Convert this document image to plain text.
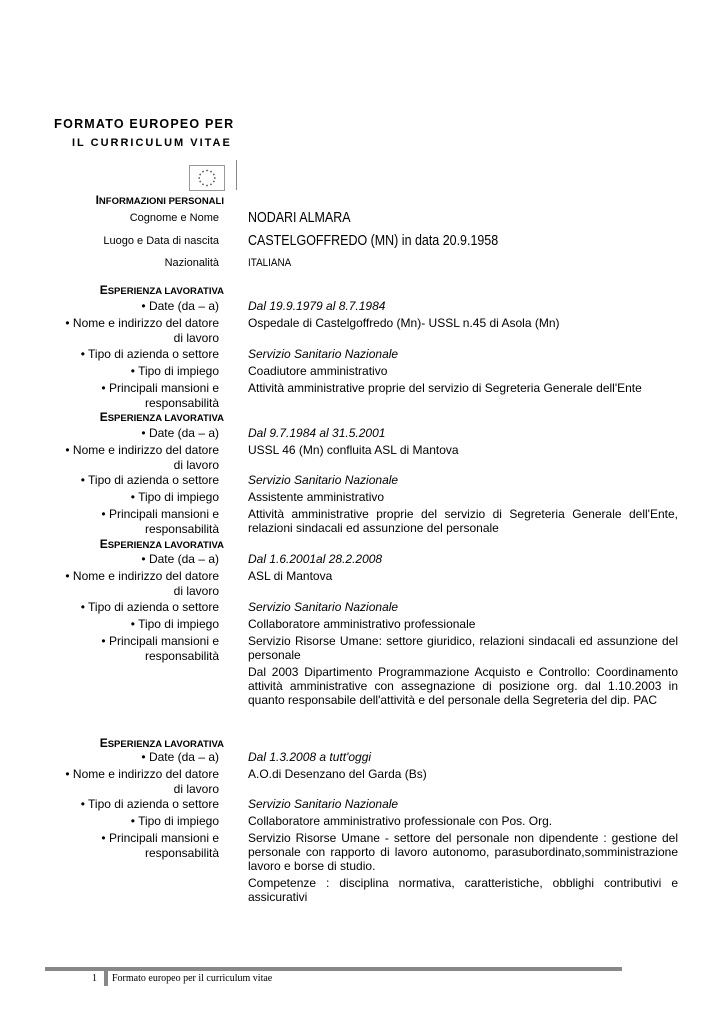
FORMATO EUROPEO PER
IL CURRICULUM VITAE
INFORMAZIONI PERSONALI
Cognome e Nome NODARI ALMARA
Luogo e Data di nascita CASTELGOFFREDO (MN) in data 20.9.1958
Nazionalità	ITALIANA
ESPERIENZA LAVORATIVA
• Date (da – a) Dal 19.9.1979 al 8.7.1984
• Nome e indirizzo del datore
di lavoro
Ospedale di Castelgoffredo (Mn)- USSL n.45 di Asola (Mn)
• Tipo di azienda o settore Servizio Sanitario Nazionale
• Tipo di impiego Coadiutore amministrativo
• Principali mansioni e
responsabilità
Attività amministrative proprie del servizio di Segreteria Generale dell'Ente
ESPERIENZA LAVORATIVA
• Date (da – a) Dal 9.7.1984 al 31.5.2001
• Nome e indirizzo del datore
di lavoro
USSL 46 (Mn) confluita ASL di Mantova
• Tipo di azienda o settore Servizio Sanitario Nazionale
• Tipo di impiego Assistente amministrativo
• Principali mansioni e
responsabilità
Attività amministrative proprie del servizio di Segreteria Generale dell'Ente, relazioni sindacali ed assunzione del personale
ESPERIENZA LAVORATIVA
• Date (da – a) Dal 1.6.2001al 28.2.2008
• Nome e indirizzo del datore
di lavoro
ASL di Mantova
• Tipo di azienda o settore Servizio Sanitario Nazionale
• Tipo di impiego Collaboratore amministrativo professionale
• Principali mansioni e
responsabilità
Servizio Risorse Umane: settore giuridico, relazioni sindacali ed assunzione del personale
Dal 2003 Dipartimento Programmazione Acquisto e Controllo: Coordinamento attività amministrative con assegnazione di posizione org. dal 1.10.2003 in quanto responsabile dell'attività e del personale della Segreteria del dip. PAC
ESPERIENZA LAVORATIVA
• Date (da – a) Dal 1.3.2008 a tutt'oggi
• Nome e indirizzo del datore
di lavoro
A.O.di Desenzano del Garda (Bs)
• Tipo di azienda o settore Servizio Sanitario Nazionale
• Tipo di impiego Collaboratore amministrativo professionale con Pos. Org.
• Principali mansioni e
responsabilità
Servizio Risorse Umane - settore del personale non dipendente : gestione del personale con rapporto di lavoro autonomo, parasubordinato,somministrazione lavoro e borse di studio.
Competenze : disciplina normativa, caratteristiche, obblighi contributivi e assicurativi
1 Formato europeo per il curriculum vitae
